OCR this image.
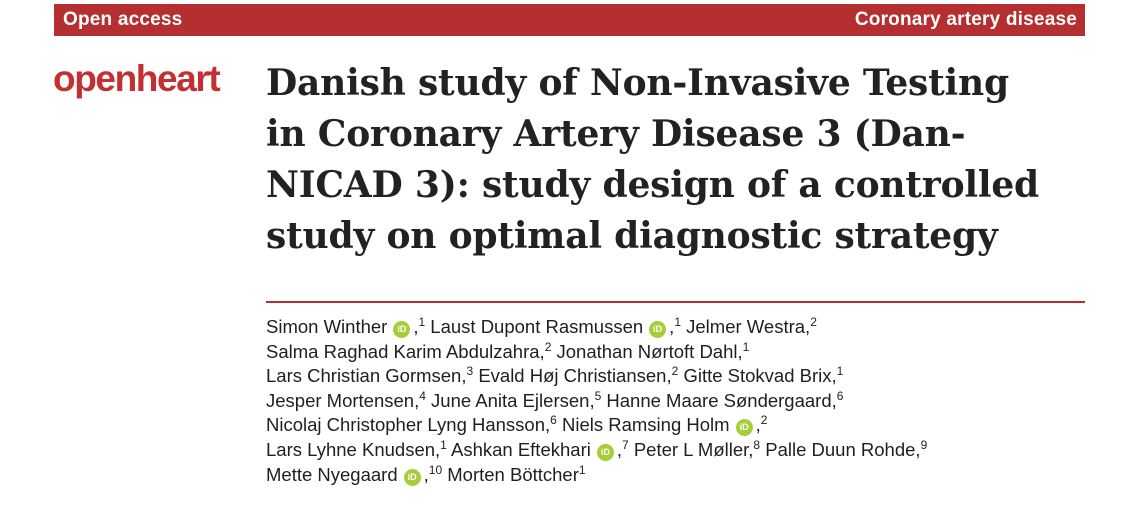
Open access	Coronary artery disease
openheart Danish study of Non-Invasive Testing
in Coronary Artery Disease 3 (Dan-
NICAD 3): study design of a controlled
study on optimal diagnostic strategy
Simon Winther iD ,$^1$ Laust Dupont Rasmussen iD ,$^1$ Jelmer Westra,$^2$
Salma Raghad Karim Abdulzahra,$^2$ Jonathan Nørtoft Dahl,$^1$
Lars Christian Gormsen,$^3$ Evald Høj Christiansen,$^2$ Gitte Stokvad Brix,$^1$
Jesper Mortensen,$^4$ June Anita Ejlersen,$^5$ Hanne Maare Søndergaard,$^6$
Nicolaj Christopher Lyng Hansson,$^6$ Niels Ramsing Holm iD ,$^2$
Lars Lyhne Knudsen,$^1$ Ashkan Eftekhari iD ,$^7$ Peter L Møller,$^8$ Palle Duun Rohde,$^9$
Mette Nyegaard iD ,$^{10}$ Morten Böttcher$^1$
